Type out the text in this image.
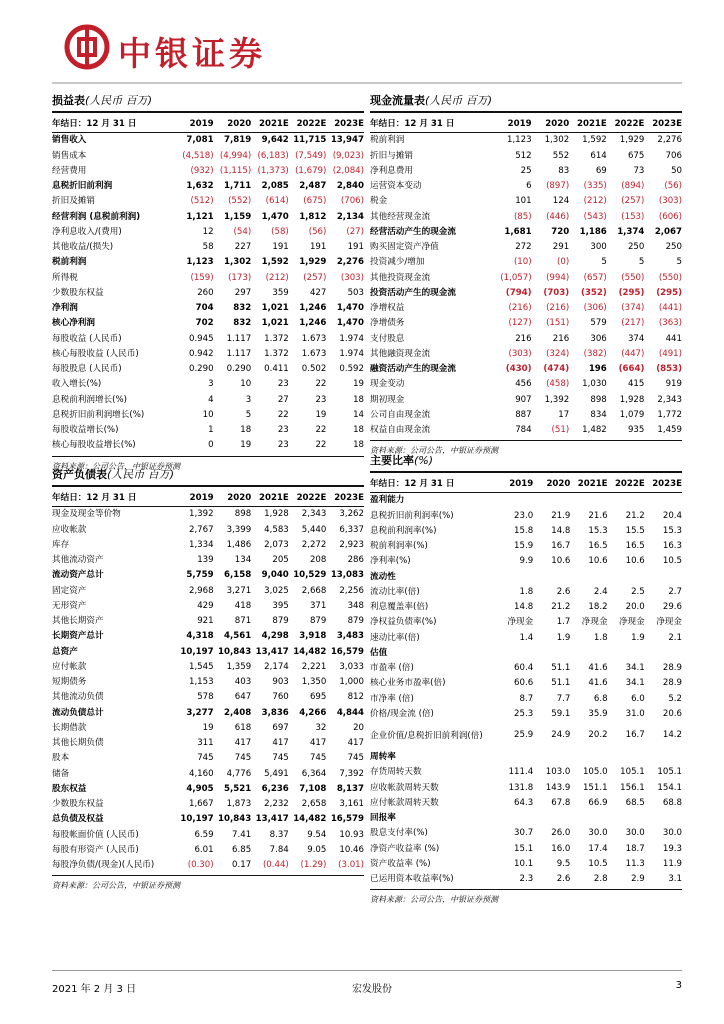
中银证券
损益表(人民币 百万)
年结日：12 月 31 日	2019	2020	2021E	2022E	2023E
销售收入	7,081	7,819	9,642	11,715	13,947
销售成本	(4,518)	(4,994)	(6,183)	(7,549)	(9,023)
经营费用	(932)	(1,115)	(1,373)	(1,679)	(2,084)
息税折旧前利润	1,632	1,711	2,085	2,487	2,840
折旧及摊销	(512)	(552)	(614)	(675)	(706)
经营利润 (息税前利润)	1,121	1,159	1,470	1,812	2,134
净利息收入/(费用)	12	(54)	(58)	(56)	(27)
其他收益/(损失)	58	227	191	191	191
税前利润	1,123	1,302	1,592	1,929	2,276
所得税	(159)	(173)	(212)	(257)	(303)
少数股东权益	260	297	359	427	503
净利润	704	832	1,021	1,246	1,470
核心净利润	702	832	1,021	1,246	1,470
每股收益 (人民币)	0.945	1.117	1.372	1.673	1.974
核心每股收益 (人民币)	0.942	1.117	1.372	1.673	1.974
每股股息 (人民币)	0.290	0.290	0.411	0.502	0.592
收入增长(%)	3	10	23	22	19
息税前利润增长(%)	4	3	27	23	18
息税折旧前利润增长(%)	10	5	22	19	14
每股收益增长(%)	1	18	23	22	18
核心每股收益增长(%)	0	19	23	22	18
资料来源：公司公告，中银证券预测
资产负债表(人民币 百万)
年结日：12 月 31 日	2019	2020	2021E	2022E	2023E
现金及现金等价物	1,392	898	1,928	2,343	3,262
应收帐款	2,767	3,399	4,583	5,440	6,337
库存	1,334	1,486	2,073	2,272	2,923
其他流动资产	139	134	205	208	286
流动资产总计	5,759	6,158	9,040	10,529	13,083
固定资产	2,968	3,271	3,025	2,668	2,256
无形资产	429	418	395	371	348
其他长期资产	921	871	879	879	879
长期资产总计	4,318	4,561	4,298	3,918	3,483
总资产	10,197	10,843	13,417	14,482	16,579
应付帐款	1,545	1,359	2,174	2,221	3,033
短期债务	1,153	403	903	1,350	1,000
其他流动负债	578	647	760	695	812
流动负债总计	3,277	2,408	3,836	4,266	4,844
长期借款	19	618	697	32	20
其他长期负债	311	417	417	417	417
股本	745	745	745	745	745
储备	4,160	4,776	5,491	6,364	7,392
股东权益	4,905	5,521	6,236	7,108	8,137
少数股东权益	1,667	1,873	2,232	2,658	3,161
总负债及权益	10,197	10,843	13,417	14,482	16,579
每股帐面价值 (人民币)	6.59	7.41	8.37	9.54	10.93
每股有形资产 (人民币)	6.01	6.85	7.84	9.05	10.46
每股净负债/(现金)(人民币)	(0.30)	0.17	(0.44)	(1.29)	(3.01)
资料来源：公司公告，中银证券预测
现金流量表(人民币 百万)
年结日：12 月 31 日	2019	2020	2021E	2022E	2023E
税前利润	1,123	1,302	1,592	1,929	2,276
折旧与摊销	512	552	614	675	706
净利息费用	25	83	69	73	50
运营资本变动	6	(897)	(335)	(894)	(56)
税金	101	124	(212)	(257)	(303)
其他经营现金流	(85)	(446)	(543)	(153)	(606)
经营活动产生的现金流	1,681	720	1,186	1,374	2,067
购买固定资产净值	272	291	300	250	250
投资减少/增加	(10)	(0)	5	5	5
其他投资现金流	(1,057)	(994)	(657)	(550)	(550)
投资活动产生的现金流	(794)	(703)	(352)	(295)	(295)
净增权益	(216)	(216)	(306)	(374)	(441)
净增债务	(127)	(151)	579	(217)	(363)
支付股息	216	216	306	374	441
其他融资现金流	(303)	(324)	(382)	(447)	(491)
融资活动产生的现金流	(430)	(474)	196	(664)	(853)
现金变动	456	(458)	1,030	415	919
期初现金	907	1,392	898	1,928	2,343
公司自由现金流	887	17	834	1,079	1,772
权益自由现金流	784	(51)	1,482	935	1,459
资料来源：公司公告，中银证券预测
主要比率(%)
年结日：12 月 31 日	2019	2020	2021E	2022E	2023E
盈利能力					
息税折旧前利润率(%)	23.0	21.9	21.6	21.2	20.4
息税前利润率(%)	15.8	14.8	15.3	15.5	15.3
税前利润率(%)	15.9	16.7	16.5	16.5	16.3
净利率(%)	9.9	10.6	10.6	10.6	10.5
流动性					
流动比率(倍)	1.8	2.6	2.4	2.5	2.7
利息覆盖率(倍)	14.8	21.2	18.2	20.0	29.6
净权益负债率(%)	净现金	1.7	净现金	净现金	净现金
速动比率(倍)	1.4	1.9	1.8	1.9	2.1
估值					
市盈率 (倍)	60.4	51.1	41.6	34.1	28.9
核心业务市盈率(倍)	60.6	51.1	41.6	34.1	28.9
市净率 (倍)	8.7	7.7	6.8	6.0	5.2
价格/现金流 (倍)	25.3	59.1	35.9	31.0	20.6
企业价值/息税折旧前利润(倍)	25.9	24.9	20.2	16.7	14.2
周转率					
存货周转天数	111.4	103.0	105.0	105.1	105.1
应收帐款周转天数	131.8	143.9	151.1	156.1	154.1
应付帐款周转天数	64.3	67.8	66.9	68.5	68.8
回报率					
股息支付率(%)	30.7	26.0	30.0	30.0	30.0
净资产收益率 (%)	15.1	16.0	17.4	18.7	19.3
资产收益率 (%)	10.1	9.5	10.5	11.3	11.9
已运用资本收益率(%)	2.3	2.6	2.8	2.9	3.1
资料来源：公司公告，中银证券预测
2021 年 2 月 3 日	宏发股份	3
